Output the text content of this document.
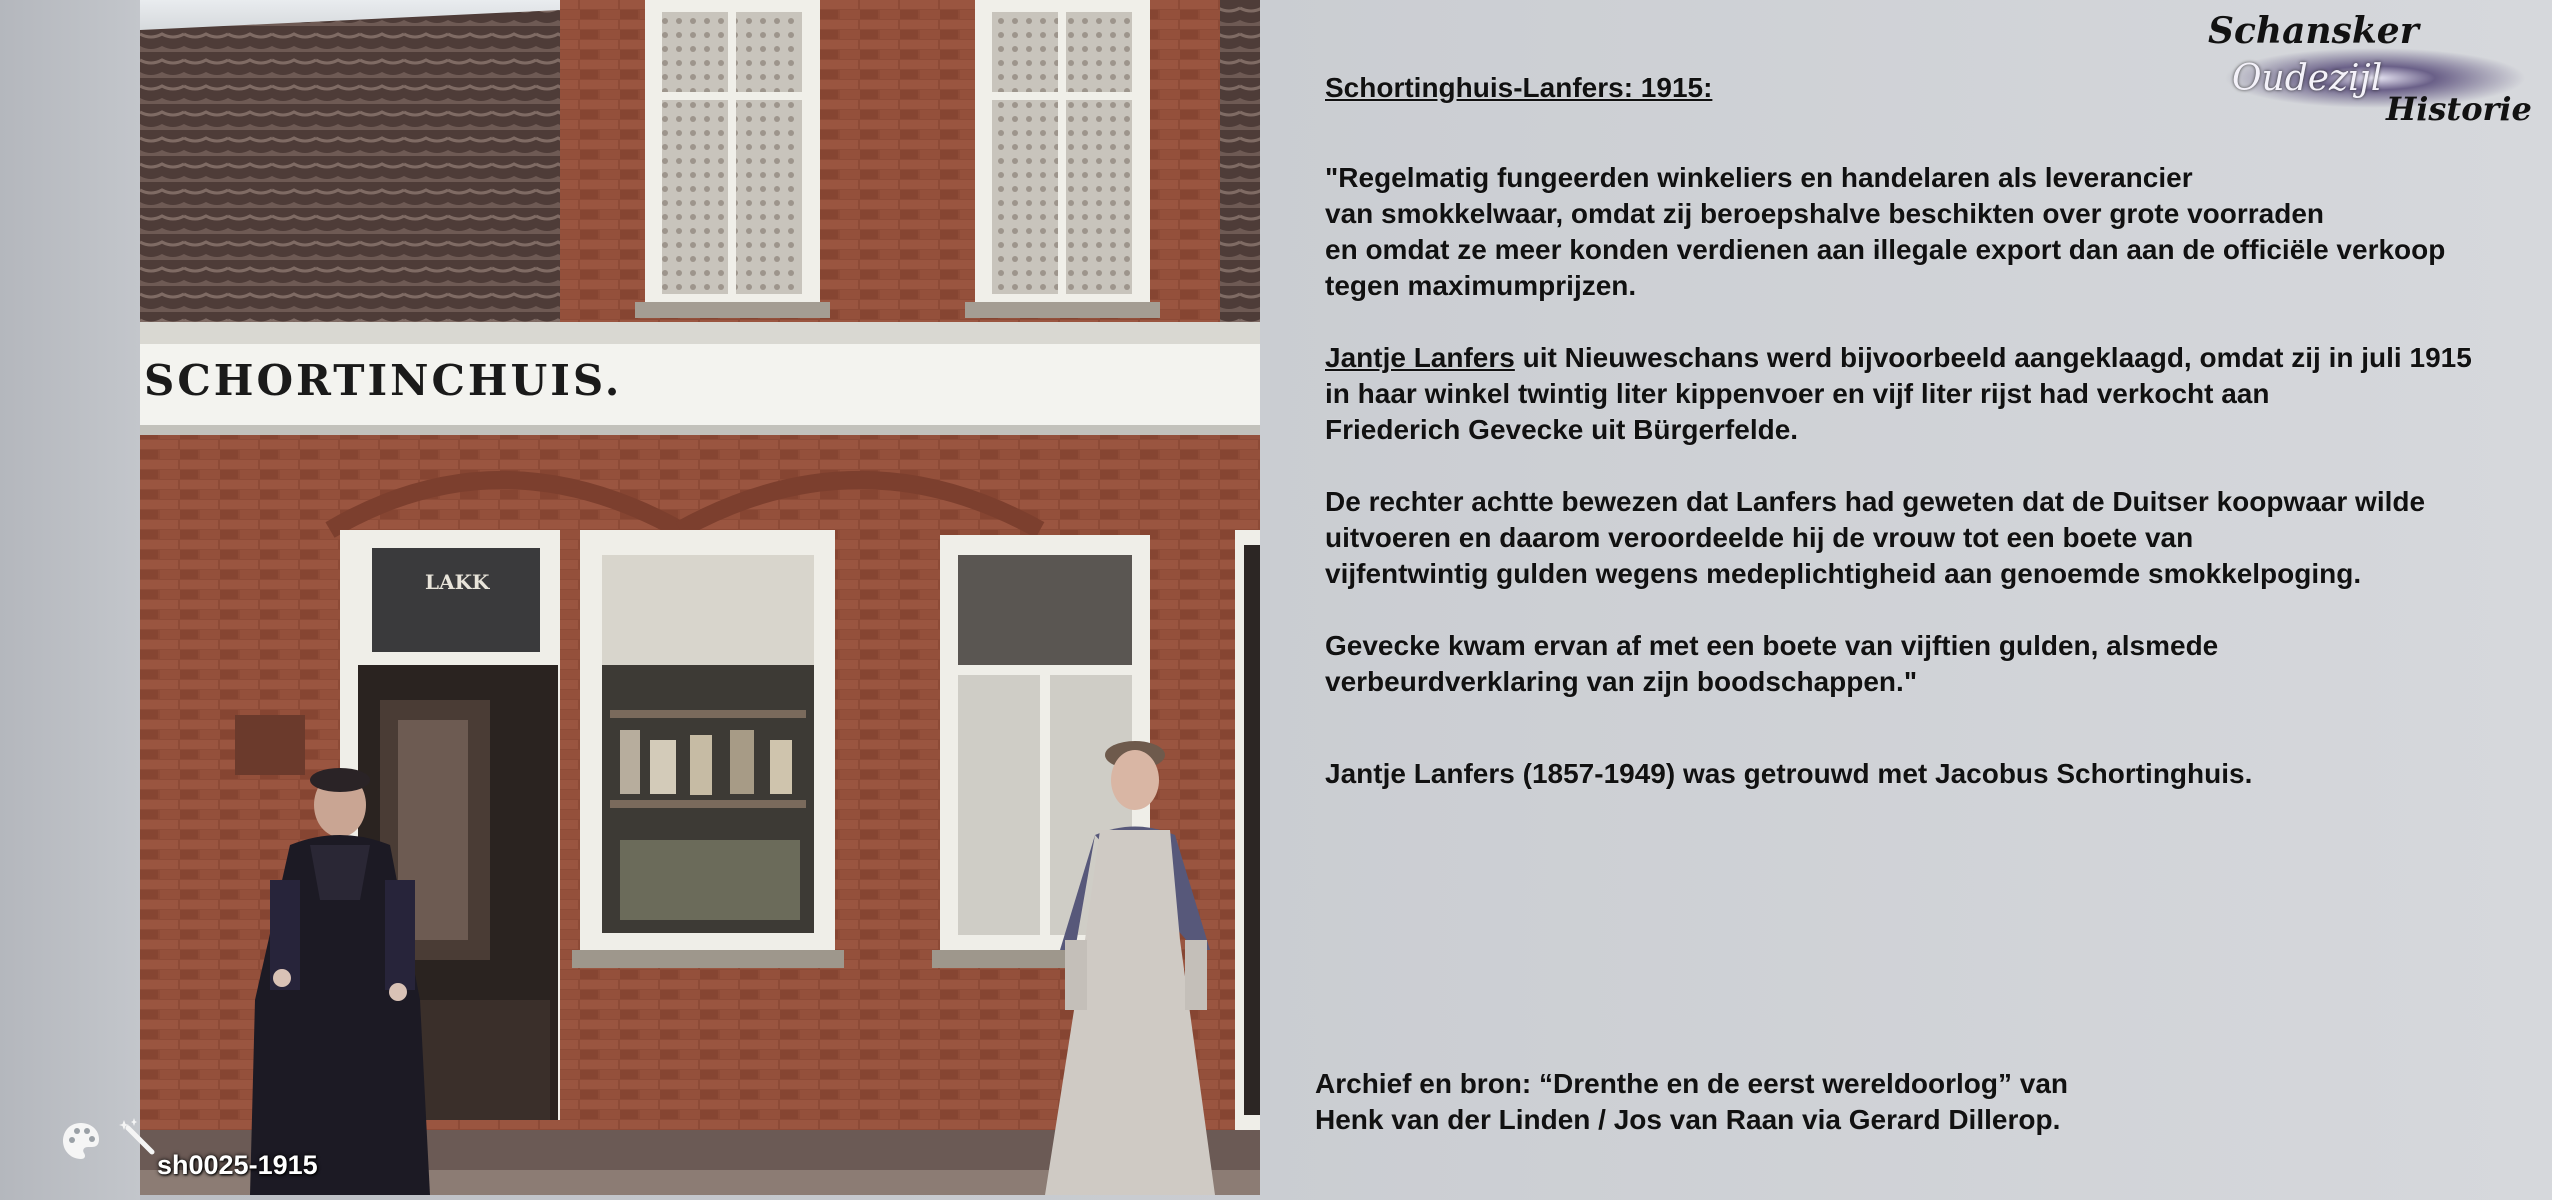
SCHORTINCHUIS.
LAKK
sh0025-1915
Schansker
Oudezijl
Historie
Schortinghuis-Lanfers: 1915:
"Regelmatig fungeerden winkeliers en handelaren als leverancier
van smokkelwaar, omdat zij beroepshalve beschikten over grote voorraden
en omdat ze meer konden verdienen aan illegale export dan aan de officiële verkoop
tegen maximumprijzen.
Jantje Lanfers uit Nieuweschans werd bijvoorbeeld aangeklaagd, omdat zij in juli 1915
in haar winkel twintig liter kippenvoer en vijf liter rijst had verkocht aan
Friederich Gevecke uit Bürgerfelde.
De rechter achtte bewezen dat Lanfers had geweten dat de Duitser koopwaar wilde
uitvoeren en daarom veroordeelde hij de vrouw tot een boete van
vijfentwintig gulden wegens medeplichtigheid aan genoemde smokkelpoging.
Gevecke kwam ervan af met een boete van vijftien gulden, alsmede
verbeurdverklaring van zijn boodschappen."
Jantje Lanfers (1857-1949) was getrouwd met Jacobus Schortinghuis.
Archief en bron: “Drenthe en de eerst wereldoorlog” van
Henk van der Linden / Jos van Raan via Gerard Dillerop.
